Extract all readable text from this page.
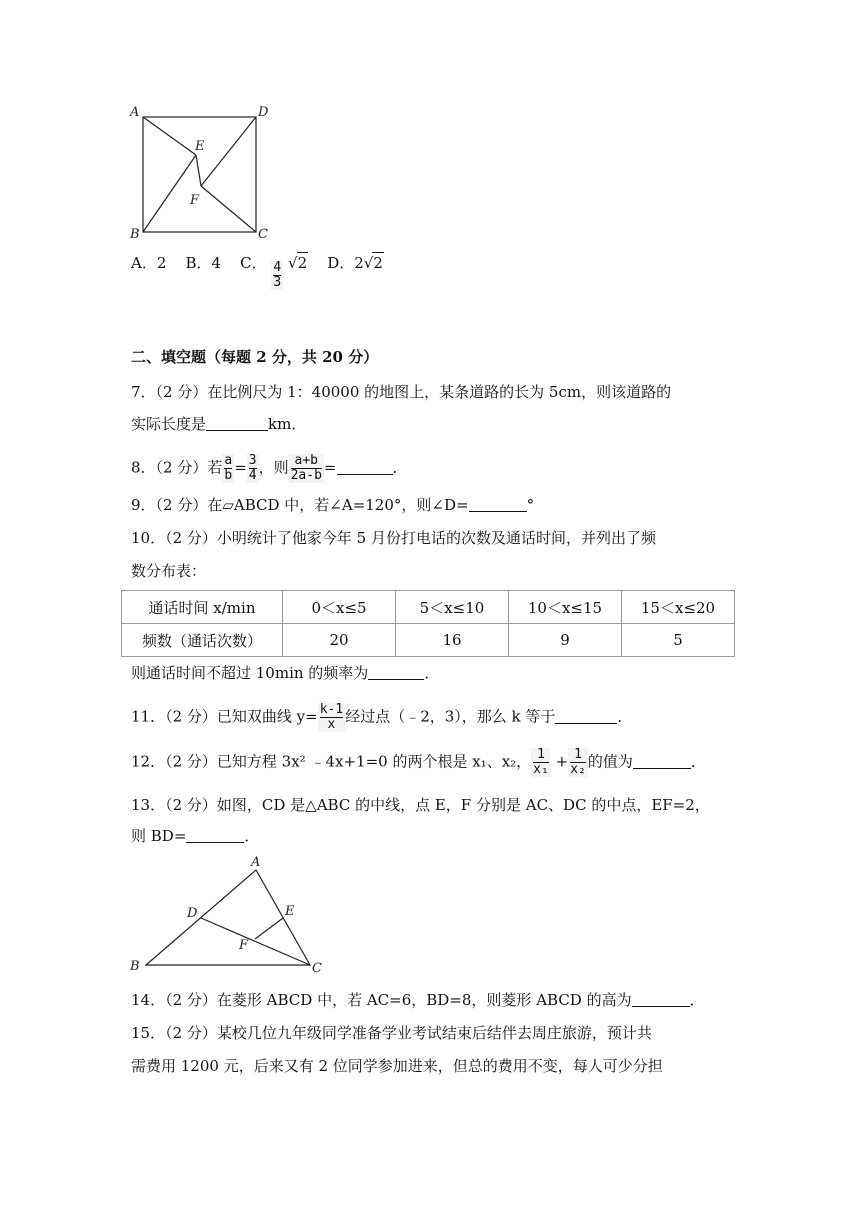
A	D
E
F
B	C
A．2 B．4 C． $\frac{4}{3} √2$ D．2√2
二、填空题（每题 2 分，共 20 分）
7．（2 分）在比例尺为 1：40000 的地图上，某条道路的长为 5cm，则该道路的
实际长度是	km．
8．（2 分）若 $\frac{a}{b} = \frac{3}{4}$ ，则 $\frac{a+b}{2a-b}$ =	．
9．（2 分）在▱ABCD 中，若∠A=120°，则∠D=	°
10．（2 分）小明统计了他家今年 5 月份打电话的次数及通话时间，并列出了频
数分布表：
通话时间 x/min	0＜x≤5	5＜x≤10	10＜x≤15	15＜x≤20
频数（通话次数）	20	16	9	5
则通话时间不超过 10min 的频率为	．
11．（2 分）已知双曲线 $y= \frac{k-1}{x}$ 经过点（﹣2，3），那么 k 等于	．
12．（2 分）已知方程 3x² ﹣4x+1=0 的两个根是 x₁、x₂， $\frac{1}{\text{x₁}} + \frac{1}{\text{x₂}}$ 的值为	．
13．（2 分）如图，CD 是△ABC 的中线，点 E，F 分别是 AC、DC 的中点，EF=2，
则 BD=	．
A
D	E
F
B	C
14．（2 分）在菱形 ABCD 中，若 AC=6，BD=8，则菱形 ABCD 的高为	．
15．（2 分）某校几位九年级同学准备学业考试结束后结伴去周庄旅游，预计共
需费用 1200 元，后来又有 2 位同学参加进来，但总的费用不变，每人可少分担
